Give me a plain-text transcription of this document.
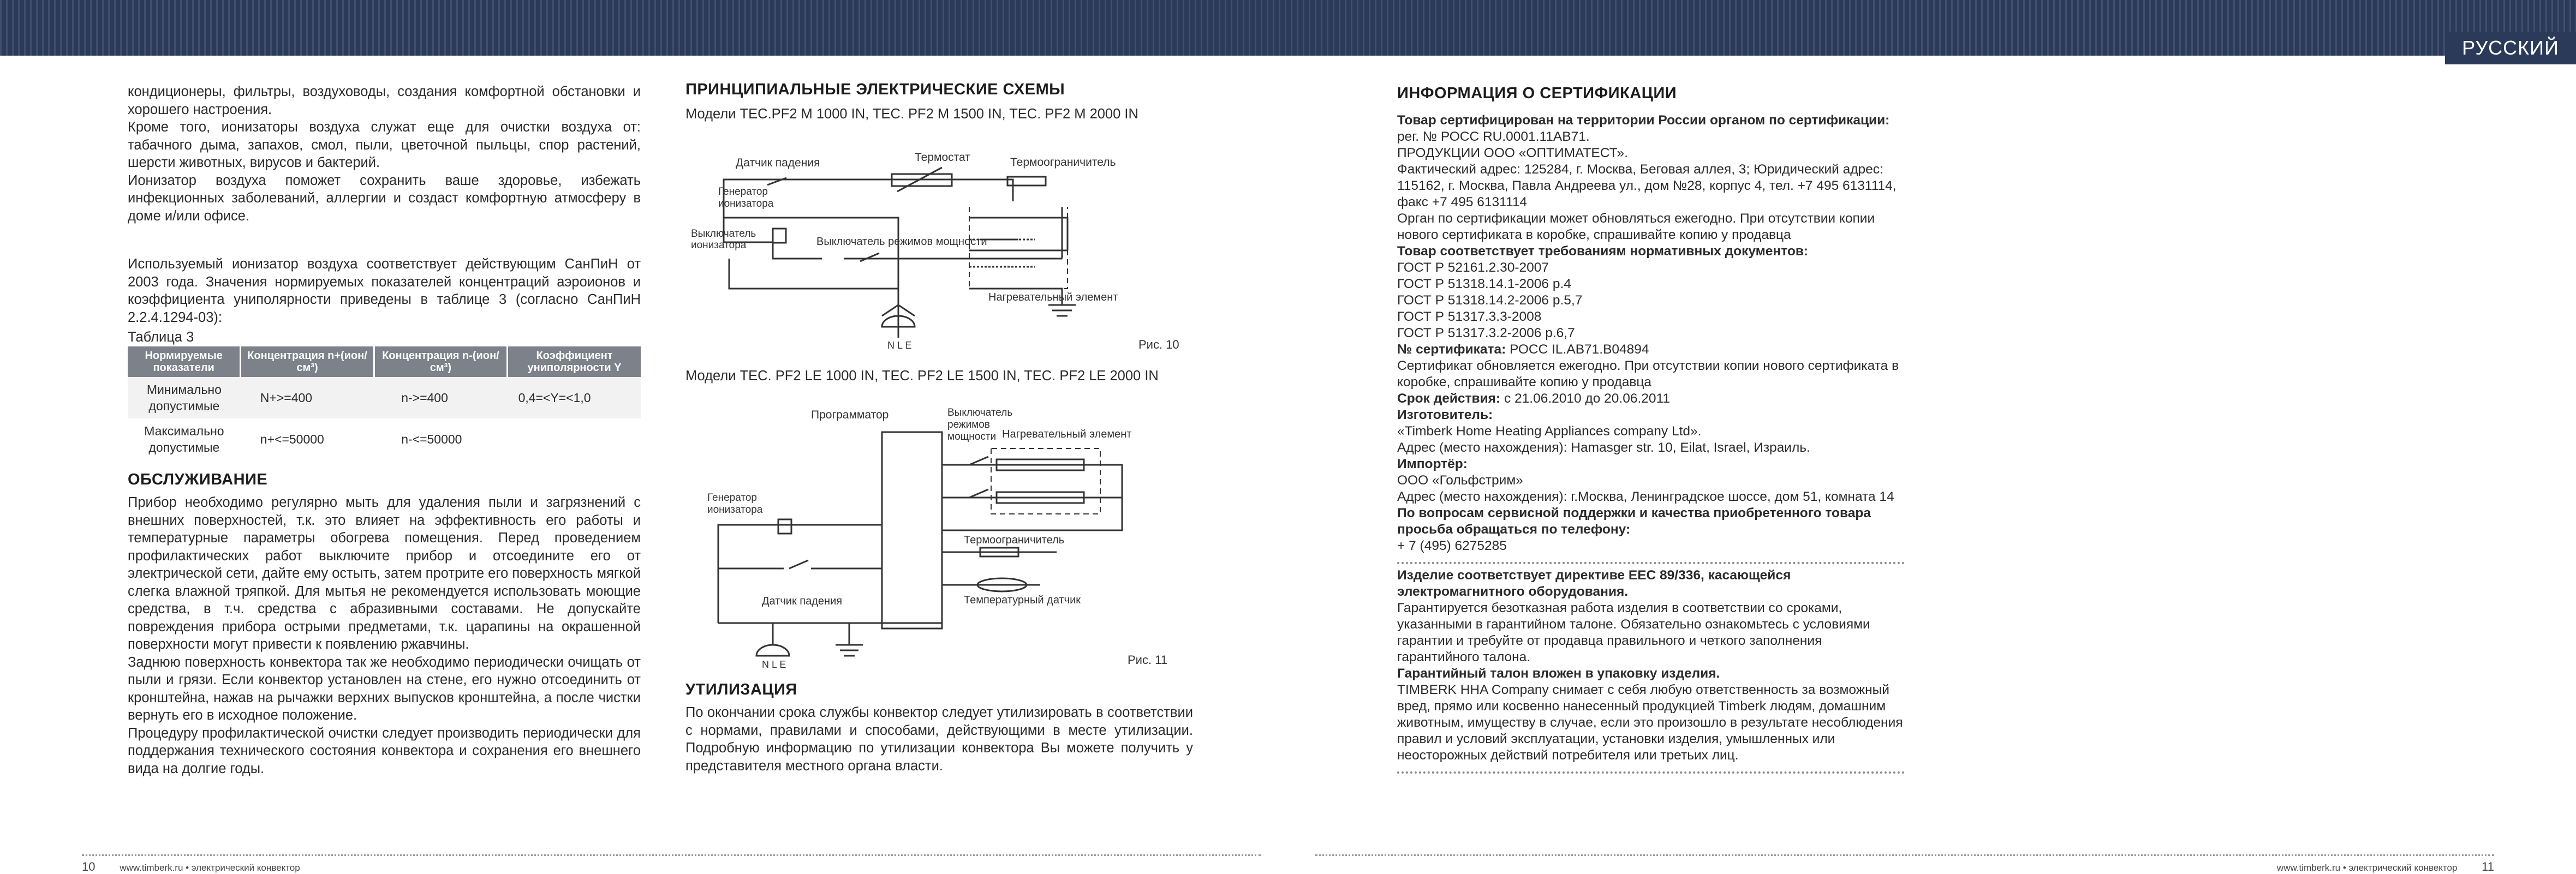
РУССКИЙ

кондиционеры, фильтры, воздуховоды, создания комфортной обстановки и хорошего настроения.

Кроме того, ионизаторы воздуха служат еще для очистки воздуха от: табачного дыма, запахов, смол, пыли, цветочной пыльцы, спор растений, шерсти животных, вирусов и бактерий.

Ионизатор воздуха поможет сохранить ваше здоровье, избежать инфекционных заболеваний, аллергии и создаст комфортную атмосферу в доме и/или офисе.

Используемый ионизатор воздуха соответствует действующим СанПиН от 2003 года. Значения нормируемых показателей концентраций аэроионов и коэффициента униполярности приведены в таблице 3 (согласно СанПиН 2.2.4.1294-03):

Таблица 3
Нормируемые показатели	Концентрация n+(ион/см³)	Концентрация n-(ион/см³)	Коэффициент униполярности Y
Минимально допустимые	N+>=400	n->=400	0,4=<Y=<1,0
Максимально допустимые	n+<=50000	n-<=50000	
ОБСЛУЖИВАНИЕ

Прибор необходимо регулярно мыть для удаления пыли и загрязнений с внешних поверхностей, т.к. это влияет на эффективность его работы и температурные параметры обогрева помещения. Перед проведением профилактических работ выключите прибор и отсоедините его от электрической сети, дайте ему остыть, затем протрите его поверхность мягкой слегка влажной тряпкой. Для мытья не рекомендуется использовать моющие средства, в т.ч. средства с абразивными составами. Не допускайте повреждения прибора острыми предметами, т.к. царапины на окрашенной поверхности могут привести к появлению ржавчины.

Заднюю поверхность конвектора так же необходимо периодически очищать от пыли и грязи. Если конвектор установлен на стене, его нужно отсоединить от кронштейна, нажав на рычажки верхних выпусков кронштейна, а после чистки вернуть его в исходное положение.

Процедуру профилактической очистки следует производить периодически для поддержания технического состояния конвектора и сохранения его внешнего вида на долгие годы.

ПРИНЦИПИАЛЬНЫЕ ЭЛЕКТРИЧЕСКИЕ СХЕМЫ
Модели TEC.PF2 M 1000 IN, TEC. PF2 M 1500 IN, TEC. PF2 M 2000 IN
Датчик падения	Термостат	Термоограничитель
Генератор
ионизатора
Выключатель
ионизатора	Выключатель режимов мощности
Нагревательный элемент
N L E	Рис. 10
Модели TEC. PF2 LE 1000 IN, TEC. PF2 LE 1500 IN, TEC. PF2 LE 2000 IN
Программатор	Выключатель
режимов
мощности Нагревательный элемент
Генератор
ионизатора
Термоограничитель
Температурный датчик
Датчик падения
N L E	Рис. 11
УТИЛИЗАЦИЯ

По окончании срока службы конвектор следует утилизировать в соответствии с нормами, правилами и способами, действующими в месте утилизации. Подробную информацию по утилизации конвектора Вы можете получить у представителя местного органа власти.

ИНФОРМАЦИЯ О СЕРТИФИКАЦИИ
Товар сертифицирован на территории России органом по сертификации: рег. № РОСС RU.0001.11AB71.
ПРОДУКЦИИ ООО «ОПТИМАТЕСТ».
Фактический адрес: 125284, г. Москва, Беговая аллея, 3; Юридический адрес: 115162, г. Москва, Павла Андреева ул., дом №28, корпус 4, тел. +7 495 6131114, факс +7 495 6131114
Орган по сертификации может обновляться ежегодно. При отсутствии копии нового сертификата в коробке, спрашивайте копию у продавца
Товар соответствует требованиям нормативных документов:
ГОСТ Р 52161.2.30-2007
ГОСТ Р 51318.14.1-2006 р.4
ГОСТ Р 51318.14.2-2006 р.5,7
ГОСТ Р 51317.3.3-2008
ГОСТ Р 51317.3.2-2006 р.6,7
№ сертификата: РОСС IL.AB71.B04894
Сертификат обновляется ежегодно. При отсутствии копии нового сертификата в коробке, спрашивайте копию у продавца
Срок действия: с 21.06.2010 до 20.06.2011
Изготовитель:
«Timberk Home Heating Appliances company Ltd».
Адрес (место нахождения): Hamasger str. 10, Eilat, Israel, Израиль.
Импортёр:
ООО «Гольфстрим»
Адрес (место нахождения): г.Москва, Ленинградское шоссе, дом 51, комната 14
По вопросам сервисной поддержки и качества приобретенного товара просьба обращаться по телефону:
+ 7 (495) 6275285
Изделие соответствует директиве EEC 89/336, касающейся электромагнитного оборудования.
Гарантируется безотказная работа изделия в соответствии со сроками, указанными в гарантийном талоне. Обязательно ознакомьтесь с условиями гарантии и требуйте от продавца правильного и четкого заполнения гарантийного талона.
Гарантийный талон вложен в упаковку изделия.
TIMBERK HHA Company снимает с себя любую ответственность за возможный вред, прямо или косвенно нанесенный продукцией Timberk людям, домашним животным, имуществу в случае, если это произошло в результате несоблюдения правил и условий эксплуатации, установки изделия, умышленных или неосторожных действий потребителя или третьих лиц.
10	www.timberk.ru • электрический конвектор	www.timberk.ru • электрический конвектор 11
